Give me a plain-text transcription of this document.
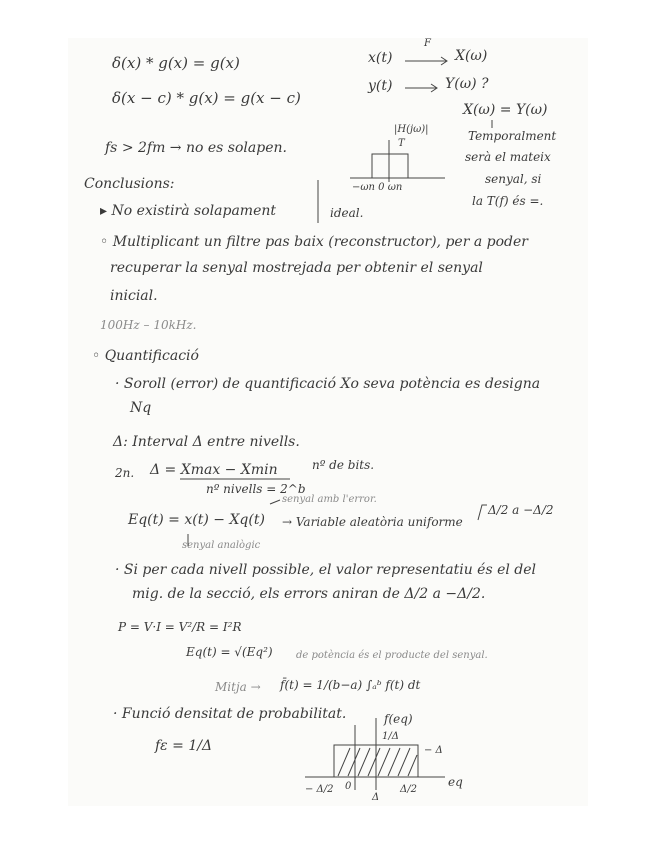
δ(x) * g(x) = g(x)
δ(x − c) * g(x) = g(x − c)
x(t)
F
X(ω)
y(t)	Y(ω) ?
X(ω) = Y(ω)
Temporalment
serà el mateix
senyal, si
la T(f) és =.
|H(jω)|
T
−ωn 0 ωn
fs > 2fm → no es solapen.
Conclusions:
▸ No existirà solapament	ideal.
◦ Multiplicant un filtre pas baix (reconstructor), per a poder
recuperar la senyal mostrejada per obtenir el senyal
inicial.
100Hz – 10kHz.
◦ Quantificació
· Soroll (error) de quantificació Xo seva potència es designa
Nq
Δ: Interval Δ entre nivells.
2n. Δ = Xmax − Xmin
nº nivells = 2^b
nº de bits.
Eq(t) = x(t) − Xq(t)
senyal amb l'error.
→ Variable aleatòria uniforme
Δ/2 a −Δ/2
senyal analògic
· Si per cada nivell possible, el valor representatiu és el del
mig. de la secció, els errors aniran de Δ/2 a −Δ/2.
P = V·I = V²/R = I²R
Eq(t) = √(Eq²) de potència és el producte del senyal.
Mitja → f̄(t) = 1/(b−a) ∫ₐᵇ f(t) dt
· Funció densitat de probabilitat.
fε = 1/Δ
f(eq)
1/Δ
− Δ
eq
− Δ/2 0	Δ/2
Δ
